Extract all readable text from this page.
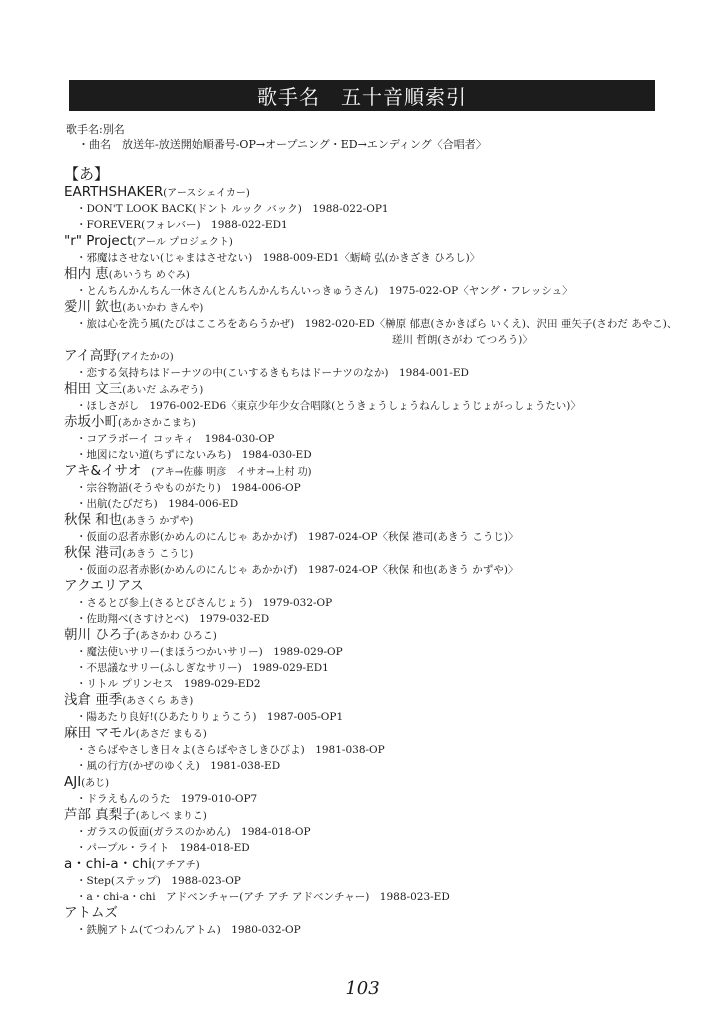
歌手名　五十音順索引
歌手名:別名
・曲名　放送年-放送開始順番号-OP→オープニング・ED→エンディング〈合唱者〉
【あ】
EARTHSHAKER(アースシェイカー)
・DON'T LOOK BACK(ドント ルック バック)　1988-022-OP1
・FOREVER(フォレバー)　1988-022-ED1
"r" Project(アール プロジェクト)
・邪魔はさせない(じゃまはさせない)　1988-009-ED1〈蛎崎 弘(かきざき ひろし)〉
相内 恵(あいうち めぐみ)
・とんちんかんちん一休さん(とんちんかんちんいっきゅうさん)　1975-022-OP〈ヤング・フレッシュ〉
愛川 欽也(あいかわ きんや)
・旅は心を洗う風(たびはこころをあらうかぜ)　1982-020-ED〈榊原 郁恵(さかきばら いくえ)、沢田 亜矢子(さわだ あやこ)、
瑳川 哲朗(さがわ てつろう)〉
アイ高野(アイたかの)
・恋する気持ちはドーナツの中(こいするきもちはドーナツのなか)　1984-001-ED
相田 文三(あいだ ふみぞう)
・ほしさがし　1976-002-ED6〈東京少年少女合唱隊(とうきょうしょうねんしょうじょがっしょうたい)〉
赤坂小町(あかさかこまち)
・コアラボーイ コッキィ　1984-030-OP
・地図にない道(ちずにないみち)　1984-030-ED
アキ&イサオ　(アキ→佐藤 明彦　イサオ→上村 功)
・宗谷物語(そうやものがたり)　1984-006-OP
・出航(たびだち)　1984-006-ED
秋保 和也(あきう かずや)
・仮面の忍者赤影(かめんのにんじゃ あかかげ)　1987-024-OP〈秋保 港司(あきう こうじ)〉
秋保 港司(あきう こうじ)
・仮面の忍者赤影(かめんのにんじゃ あかかげ)　1987-024-OP〈秋保 和也(あきう かずや)〉
アクエリアス
・さるとび参上(さるとびさんじょう)　1979-032-OP
・佐助翔べ(さすけとべ)　1979-032-ED
朝川 ひろ子(あさかわ ひろこ)
・魔法使いサリー(まほうつかいサリー)　1989-029-OP
・不思議なサリー(ふしぎなサリー)　1989-029-ED1
・リトル プリンセス　1989-029-ED2
浅倉 亜季(あさくら あき)
・陽あたり良好!(ひあたりりょうこう)　1987-005-OP1
麻田 マモル(あさだ まもる)
・さらばやさしき日々よ(さらばやさしきひびよ)　1981-038-OP
・風の行方(かぜのゆくえ)　1981-038-ED
AJI(あじ)
・ドラえもんのうた　1979-010-OP7
芦部 真梨子(あしべ まりこ)
・ガラスの仮面(ガラスのかめん)　1984-018-OP
・パープル・ライト　1984-018-ED
a・chi-a・chi(アチアチ)
・Step(ステップ)　1988-023-OP
・a・chi-a・chi　アドベンチャー(アチ アチ アドベンチャー)　1988-023-ED
アトムズ
・鉄腕アトム(てつわんアトム)　1980-032-OP
103
